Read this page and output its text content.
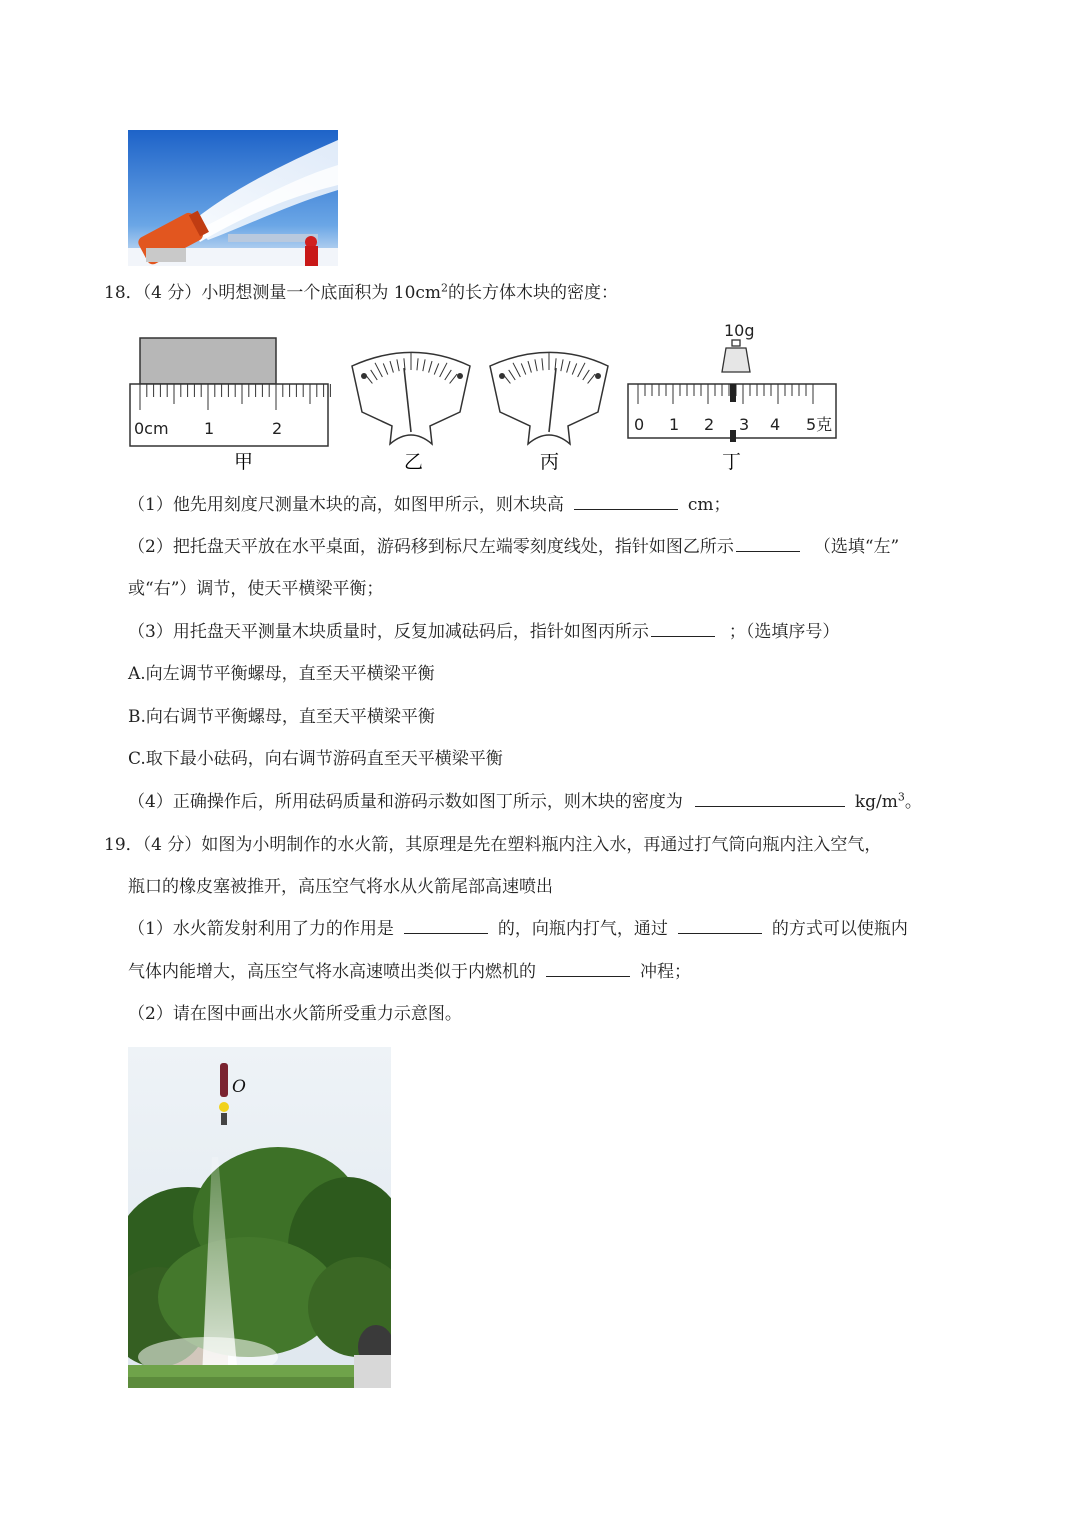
18．（4 分）小明想测量一个底面积为 $10cm^2$的长方体木块的密度：
0cm 1	2
10g
0 1 2 3 4 5克
甲	乙	丙	丁
（1）他先用刻度尺测量木块的高，如图甲所示，则木块高	cm；
（2）把托盘天平放在水平桌面，游码移到标尺左端零刻度线处，指针如图乙所示	（选填“左”
或“右”）调节，使天平横梁平衡；
（3）用托盘天平测量木块质量时，反复加减砝码后，指针如图丙所示	；（选填序号）
A.向左调节平衡螺母，直至天平横梁平衡
B.向右调节平衡螺母，直至天平横梁平衡
C.取下最小砝码，向右调节游码直至天平横梁平衡
（4）正确操作后，所用砝码质量和游码示数如图丁所示，则木块的密度为	$kg/m^3$。
19．（4 分）如图为小明制作的水火箭，其原理是先在塑料瓶内注入水，再通过打气筒向瓶内注入空气，
瓶口的橡皮塞被推开，高压空气将水从火箭尾部高速喷出
（1）水火箭发射利用了力的作用是	的，向瓶内打气，通过	的方式可以使瓶内
气体内能增大，高压空气将水高速喷出类似于内燃机的	冲程；
（2）请在图中画出水火箭所受重力示意图。
O
